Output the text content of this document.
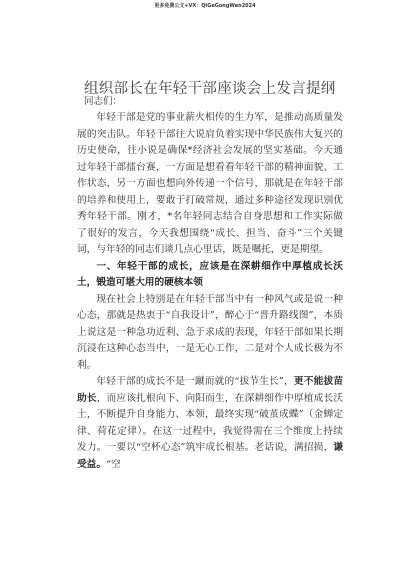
更多免费公文+VX：QiGeGongWen2024
组织部长在年轻干部座谈会上发言提纲
同志们：

年轻干部是党的事业薪火相传的生力军，是推动高质量发展的突击队。年轻干部往大说肩负着实现中华民族伟大复兴的历史使命，往小说是确保*经济社会发展的坚实基础。今天通过年轻干部擂台赛，一方面是想看看年轻干部的精神面貌、工作状态，另一方面也想向外传递一个信号，那就是在年轻干部的培养和使用上，要敢于打破常规，通过多种途径发现识别优秀年轻干部。刚才，*名年轻同志结合自身思想和工作实际做了很好的发言，今天我想围绕“成长、担当、奋斗”三个关键词，与年轻的同志们谈几点心里话，既是嘱托，更是期望。

一、年轻干部的成长，应该是在深耕细作中厚植成长沃土，锻造可堪大用的硬核本领

现在社会上特别是在年轻干部当中有一种风气或是说一种心态，那就是热衷于“自我设计”，醉心于“晋升路线图”，本质上说这是一种急功近利、急于求成的表现，年轻干部如果长期沉浸在这种心态当中，一是无心工作，二是对个人成长极为不利。

年轻干部的成长不是一蹴而就的“拔节生长”，更不能拔苗助长，而应该扎根向下、向阳而生，在深耕细作中厚植成长沃土，不断提升自身能力、本领，最终实现“破茧成蝶”（金蝉定律、荷花定律）。在这一过程中，我觉得需在三个维度上持续发力。一要以“空杯心态”筑牢成长根基。老话说，满招损，谦受益。“空
